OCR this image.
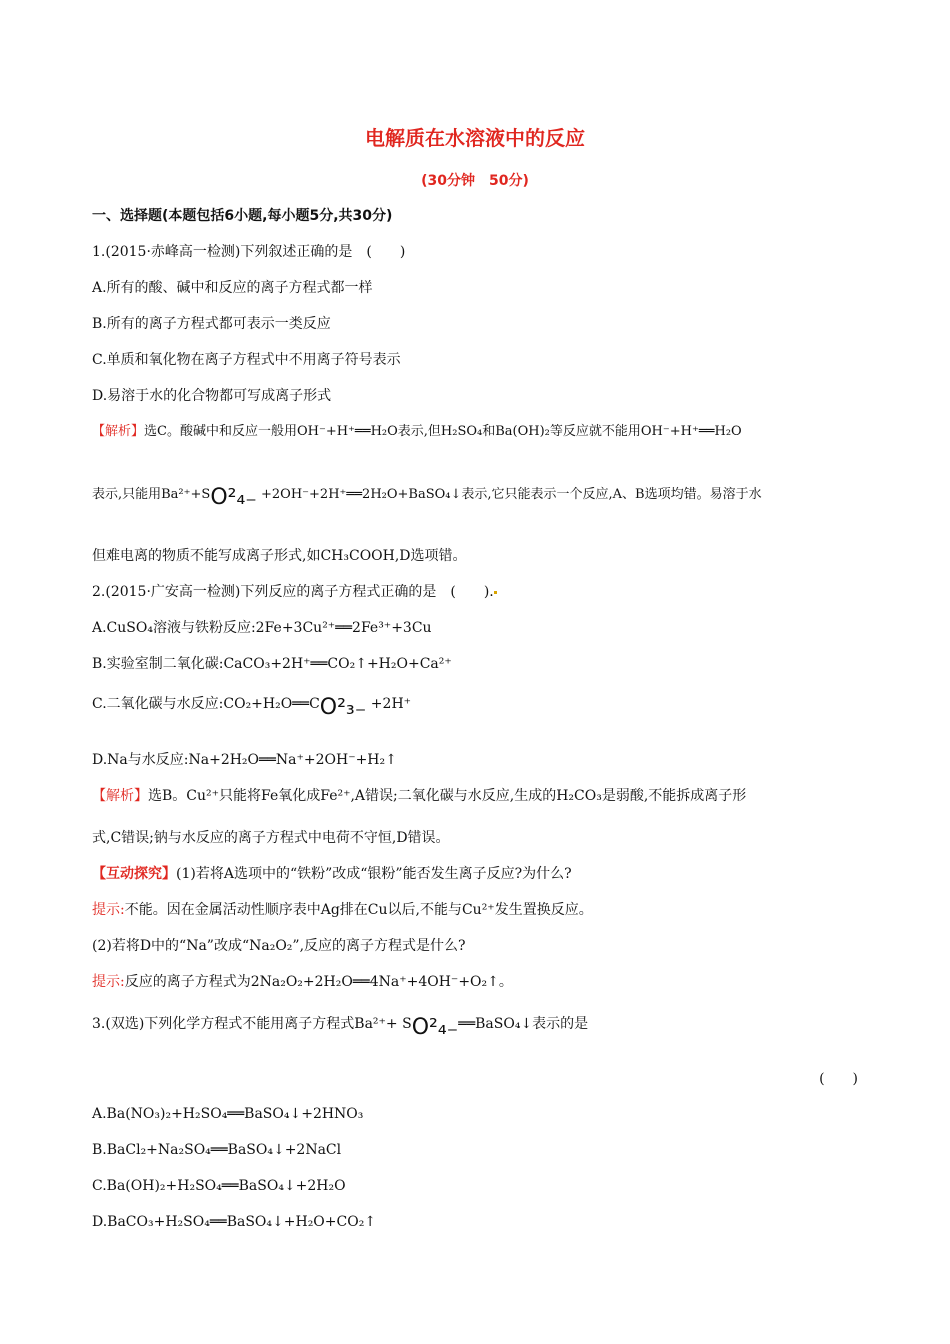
电解质在水溶液中的反应
(30分钟　50分)
一、选择题(本题包括6小题,每小题5分,共30分)
1.(2015·赤峰高一检测)下列叙述正确的是　(　　)
A.所有的酸、碱中和反应的离子方程式都一样
B.所有的离子方程式都可表示一类反应
C.单质和氧化物在离子方程式中不用离子符号表示
D.易溶于水的化合物都可写成离子形式
【解析】选C。酸碱中和反应一般用OH⁻+H⁺══H₂O表示,但H₂SO₄和Ba(OH)₂等反应就不能用OH⁻+H⁺══H₂O
表示,只能用Ba²⁺+SO²₄₋ +2OH⁻+2H⁺══2H₂O+BaSO₄↓表示,它只能表示一个反应,A、B选项均错。易溶于水
但难电离的物质不能写成离子形式,如CH₃COOH,D选项错。
2.(2015·广安高一检测)下列反应的离子方程式正确的是　(　　).
A.CuSO₄溶液与铁粉反应:2Fe+3Cu²⁺══2Fe³⁺+3Cu
B.实验室制二氧化碳:CaCO₃+2H⁺══CO₂↑+H₂O+Ca²⁺
C.二氧化碳与水反应:CO₂+H₂O══CO²₃₋ +2H⁺
D.Na与水反应:Na+2H₂O══Na⁺+2OH⁻+H₂↑
【解析】选B。Cu²⁺只能将Fe氧化成Fe²⁺,A错误;二氧化碳与水反应,生成的H₂CO₃是弱酸,不能拆成离子形
式,C错误;钠与水反应的离子方程式中电荷不守恒,D错误。
【互动探究】(1)若将A选项中的“铁粉”改成“银粉”能否发生离子反应?为什么?
提示:不能。因在金属活动性顺序表中Ag排在Cu以后,不能与Cu²⁺发生置换反应。
(2)若将D中的“Na”改成“Na₂O₂”,反应的离子方程式是什么?
提示:反应的离子方程式为2Na₂O₂+2H₂O══4Na⁺+4OH⁻+O₂↑。
3.(双选)下列化学方程式不能用离子方程式Ba²⁺+ SO²₄₋══BaSO₄↓表示的是
(　　)
A.Ba(NO₃)₂+H₂SO₄══BaSO₄↓+2HNO₃
B.BaCl₂+Na₂SO₄══BaSO₄↓+2NaCl
C.Ba(OH)₂+H₂SO₄══BaSO₄↓+2H₂O
D.BaCO₃+H₂SO₄══BaSO₄↓+H₂O+CO₂↑
